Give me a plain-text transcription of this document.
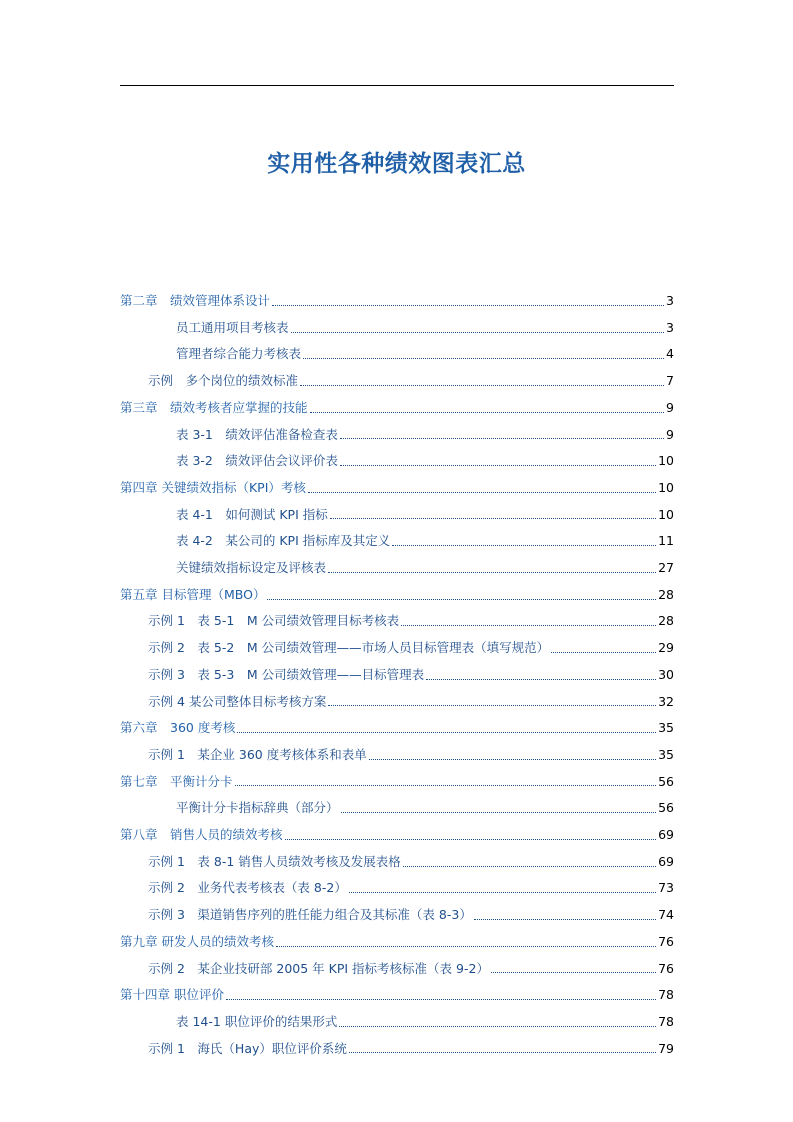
实用性各种绩效图表汇总
第二章　绩效管理体系设计	3
员工通用项目考核表	3
管理者综合能力考核表	4
示例　多个岗位的绩效标准	7
第三章　绩效考核者应掌握的技能	9
表 3-1　绩效评估准备检查表	9
表 3-2　绩效评估会议评价表	10
第四章 关键绩效指标（KPI）考核	10
表 4-1　如何测试 KPI 指标	10
表 4-2　某公司的 KPI 指标库及其定义	11
关键绩效指标设定及评核表	27
第五章 目标管理（MBO）	28
示例 1　表 5-1　M 公司绩效管理目标考核表	28
示例 2　表 5-2　M 公司绩效管理——市场人员目标管理表（填写规范）	29
示例 3　表 5-3　M 公司绩效管理——目标管理表	30
示例 4 某公司整体目标考核方案	32
第六章　360 度考核	35
示例 1　某企业 360 度考核体系和表单	35
第七章　平衡计分卡	56
平衡计分卡指标辞典（部分）	56
第八章　销售人员的绩效考核	69
示例 1　表 8-1 销售人员绩效考核及发展表格	69
示例 2　业务代表考核表（表 8-2）	73
示例 3　渠道销售序列的胜任能力组合及其标准（表 8-3）	74
第九章 研发人员的绩效考核	76
示例 2　某企业技研部 2005 年 KPI 指标考核标准（表 9-2）	76
第十四章 职位评价	78
表 14-1 职位评价的结果形式	78
示例 1　海氏（Hay）职位评价系统	79
